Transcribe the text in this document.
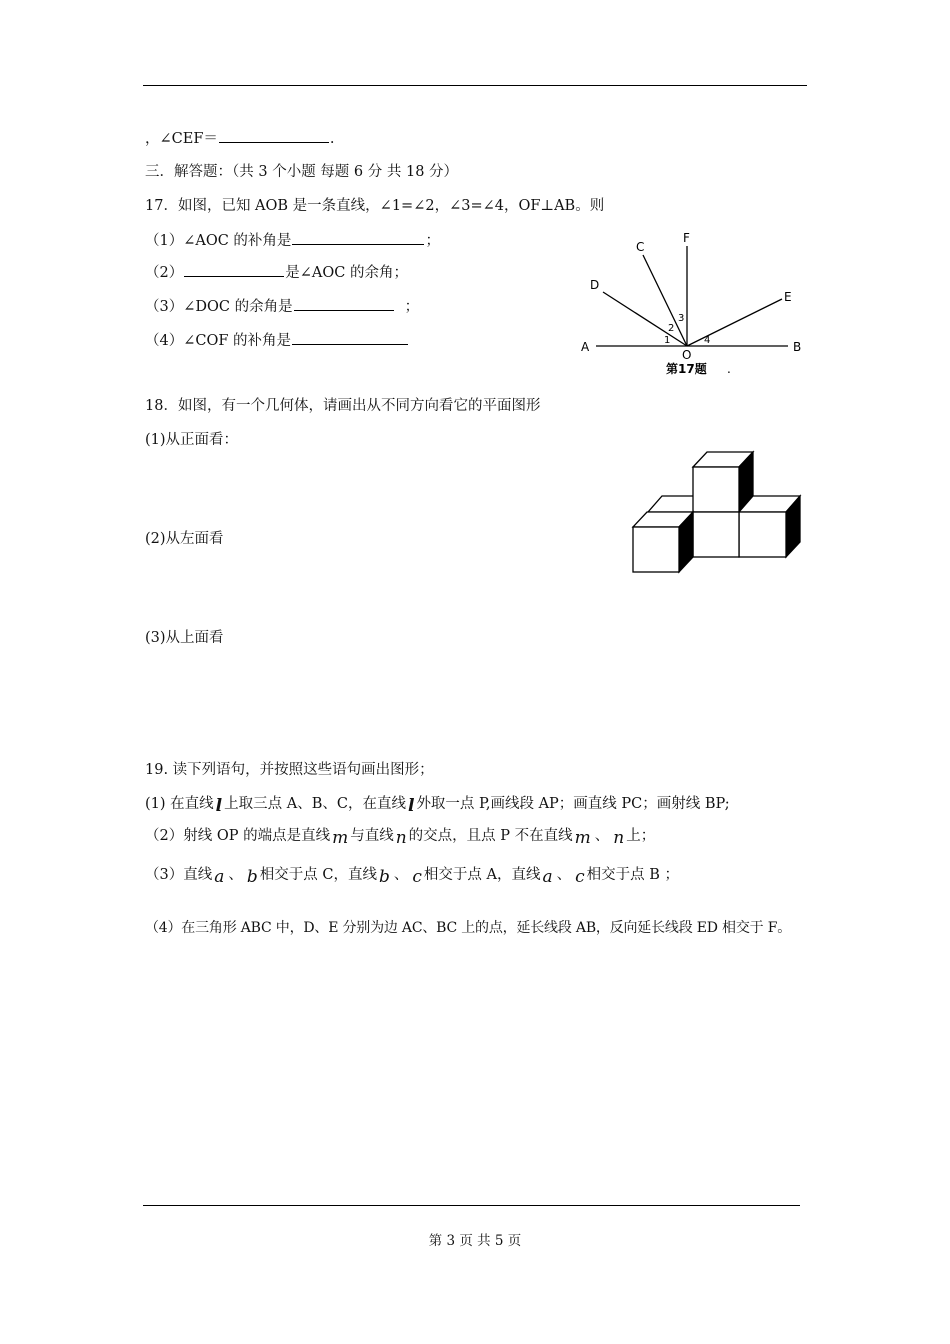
，∠CEF＝	.
三．解答题：（共 3 个小题 每题 6 分 共 18 分）
17．如图，已知 AOB 是一条直线，∠1=∠2，∠3=∠4，OF⊥AB。则
（1）∠AOC 的补角是	；
（2）	是∠AOC 的余角；
（3）∠DOC 的余角是	；
（4）∠COF 的补角是	A	B
C
D
E
F
O
1
2
3
4
第17题 .
18．如图，有一个几何体，请画出从不同方向看它的平面图形
(1)从正面看：
(2)从左面看
(3)从上面看
19. 读下列语句，并按照这些语句画出图形；
(1) 在直线 l 上取三点 A、B、C，在直线 l 外取一点 P,画线段 AP；画直线 PC；画射线 BP;
（2）射线 OP 的端点是直线 m 与直线 n 的交点，且点 P 不在直线 m 、 n 上；
（3）直线 a 、 b 相交于点 C，直线 b 、 c 相交于点 A，直线 a 、 c 相交于点 B ；
（4）在三角形 ABC 中，D、E 分别为边 AC、BC 上的点，延长线段 AB，反向延长线段 ED 相交于 F。
第 3 页 共 5 页
